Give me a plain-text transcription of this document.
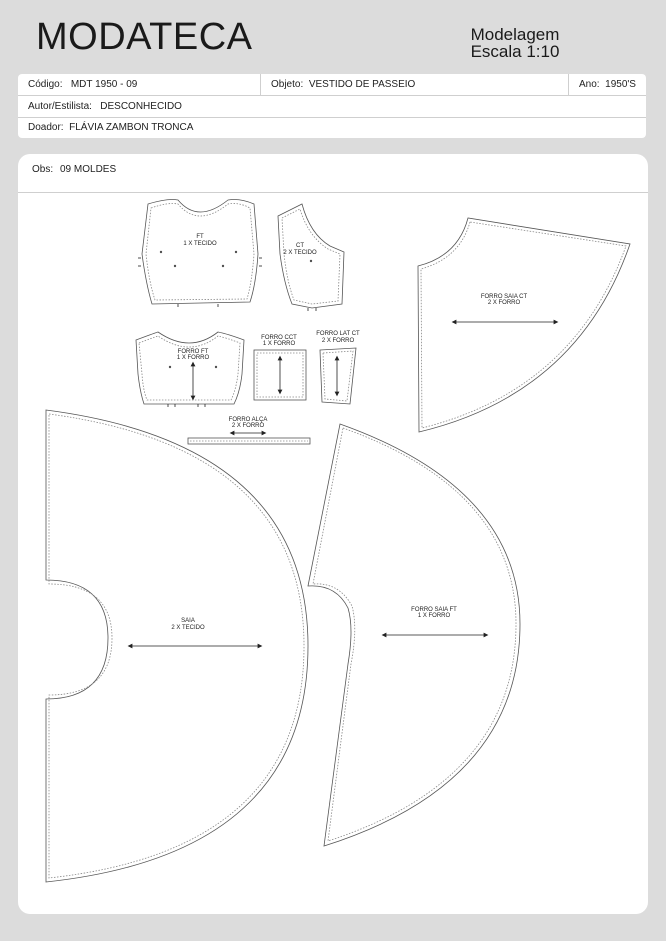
MODATECA	Modelagem
Escala 1:10
Código: MDT 1950 - 09	Objeto: VESTIDO DE PASSEIO	Ano: 1950'S
Autor/Estilista: DESCONHECIDO
Doador: FLÁVIA ZAMBON TRONCA
Obs: 09 MOLDES
FT
1 X TECIDO	CT
2 X TECIDO
FORRO FT
1 X FORRO
FORRO CCT
1 X FORRO
FORRO LAT CT
2 X FORRO
FORRO ALÇA
2 X FORRO
FORRO SAIA CT
2 X FORRO
SAIA
2 X TECIDO
FORRO SAIA FT
1 X FORRO
